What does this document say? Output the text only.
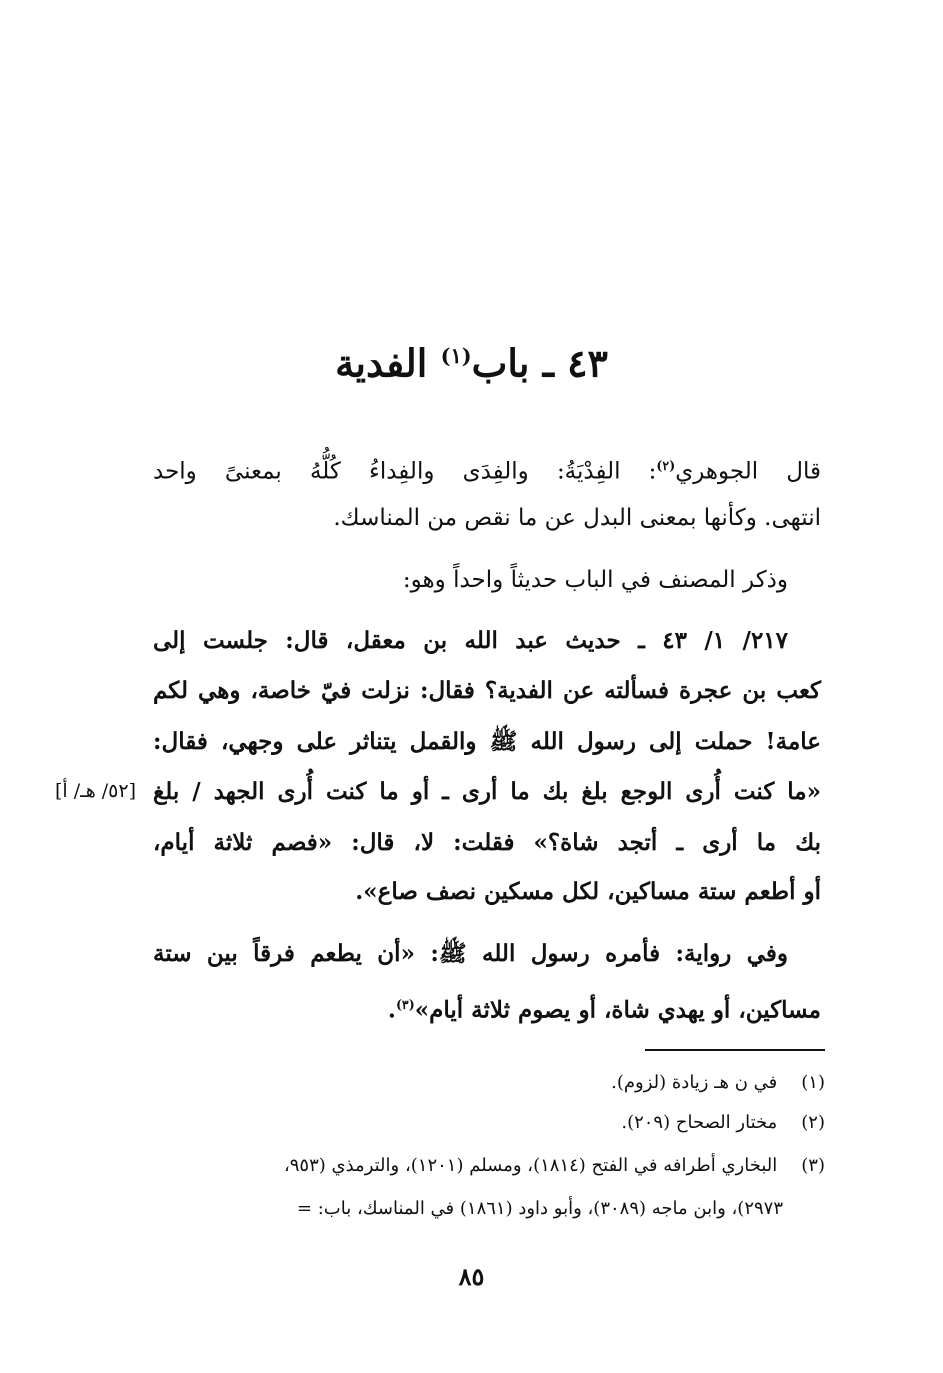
٤٣ ـ باب$^{(١)}$ الفدية
قال الجوهري$^{(٢)}$: الفِدْيَةُ: والفِدَى والفِداءُ كُلُّهُ بمعنىً واحد
انتهى. وكأنها بمعنى البدل عن ما نقص من المناسك.
وذكر المصنف في الباب حديثاً واحداً وهو:
٢١٧/ ١/ ٤٣ ـ حديث عبد الله بن معقل، قال: جلست إلى
كعب بن عجرة فسألته عن الفدية؟ فقال: نزلت فيّ خاصة، وهي لكم
عامة! حملت إلى رسول الله ﷺ والقمل يتناثر على وجهي، فقال:
«ما كنت أُرى الوجع بلغ بك ما أرى ـ أو ما كنت أُرى الجهد / بلغ
[٥٢/ هـ/ أ]
بك ما أرى ـ أتجد شاة؟» فقلت: لا، قال: «فصم ثلاثة أيام،
أو أطعم ستة مساكين، لكل مسكين نصف صاع».
وفي رواية: فأمره رسول الله ﷺ: «أن يطعم فرقاً بين ستة
مساكين، أو يهدي شاة، أو يصوم ثلاثة أيام»$^{(٣)}$.
(١) في ن هـ زيادة (لزوم).
(٢) مختار الصحاح (٢٠٩).
(٣) البخاري أطرافه في الفتح (١٨١٤)، ومسلم (١٢٠١)، والترمذي (٩٥٣،
٢٩٧٣)، وابن ماجه (٣٠٨٩)، وأبو داود (١٨٦١) في المناسك، باب: =
٨٥
